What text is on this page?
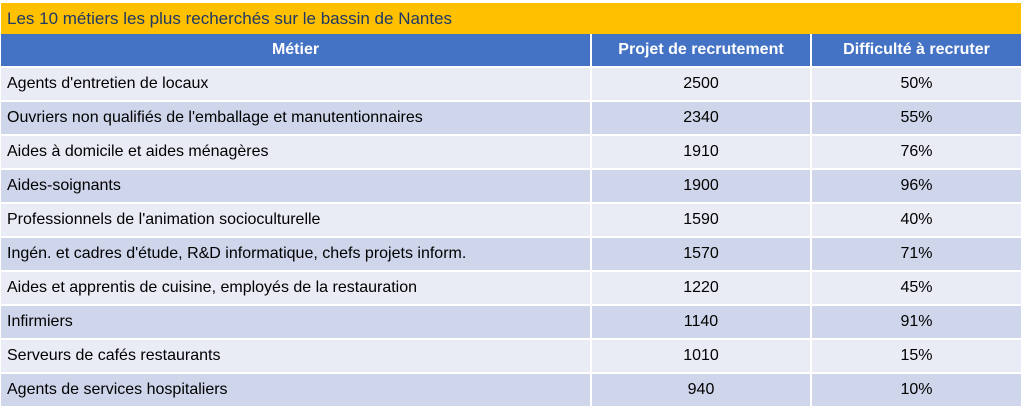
Les 10 métiers les plus recherchés sur le bassin de Nantes
Métier	Projet de recrutement	Difficulté à recruter
Agents d'entretien de locaux	2500	50%
Ouvriers non qualifiés de l'emballage et manutentionnaires	2340	55%
Aides à domicile et aides ménagères	1910	76%
Aides-soignants	1900	96%
Professionnels de l'animation socioculturelle	1590	40%
Ingén. et cadres d'étude, R&D informatique, chefs projets inform.	1570	71%
Aides et apprentis de cuisine, employés de la restauration	1220	45%
Infirmiers	1140	91%
Serveurs de cafés restaurants	1010	15%
Agents de services hospitaliers	940	10%
